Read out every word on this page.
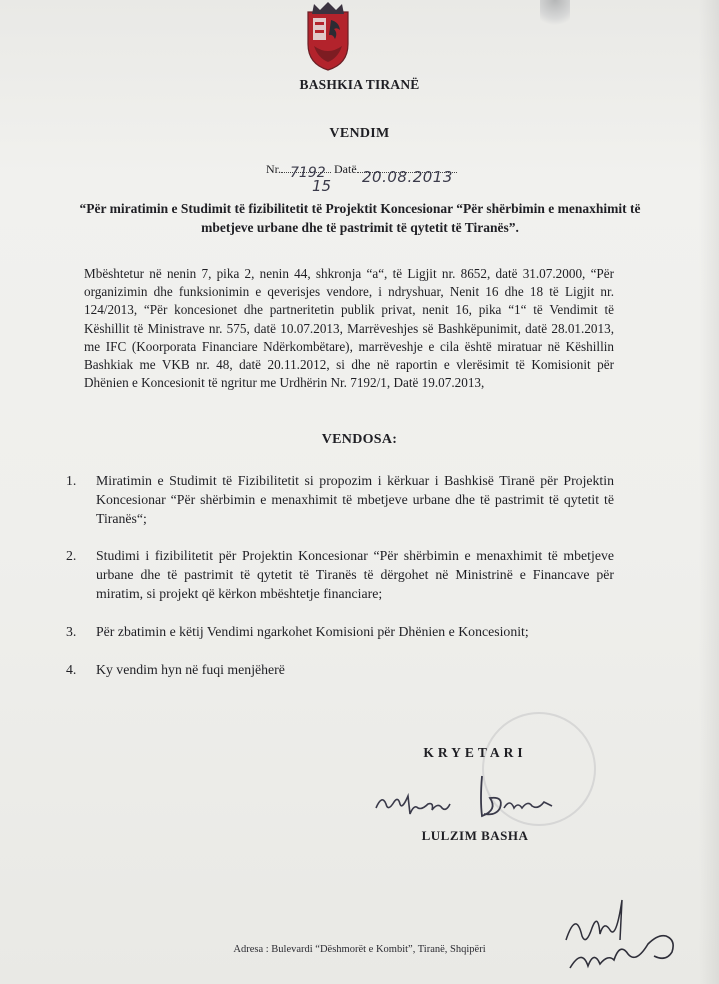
BASHKIA TIRANË
VENDIM
Nr.	Datë
7192
15 20.08.2013
“Për miratimin e Studimit të fizibilitetit të Projektit Koncesionar “Për shërbimin e menaxhimit të mbetjeve urbane dhe të pastrimit të qytetit të Tiranës”.
Mbështetur në nenin 7, pika 2, nenin 44, shkronja “a“, të Ligjit nr. 8652, datë 31.07.2000, “Për organizimin dhe funksionimin e qeverisjes vendore, i ndryshuar, Nenit 16 dhe 18 të Ligjit nr. 124/2013, “Për koncesionet dhe partneritetin publik privat, nenit 16, pika “1“ të Vendimit të Këshillit të Ministrave nr. 575, datë 10.07.2013, Marrëveshjes së Bashkëpunimit, datë 28.01.2013, me IFC (Koorporata Financiare Ndërkombëtare), marrëveshje e cila është miratuar në Këshillin Bashkiak me VKB nr. 48, datë 20.11.2012, si dhe në raportin e vlerësimit të Komisionit për Dhënien e Koncesionit të ngritur me Urdhërin Nr. 7192/1, Datë 19.07.2013,
VENDOSA:
1.	Miratimin e Studimit të Fizibilitetit si propozim i kërkuar i Bashkisë Tiranë për Projektin Koncesionar “Për shërbimin e menaxhimit të mbetjeve urbane dhe të pastrimit të qytetit të Tiranës“;
2.	Studimi i fizibilitetit për Projektin Koncesionar “Për shërbimin e menaxhimit të mbetjeve urbane dhe të pastrimit të qytetit të Tiranës të dërgohet në Ministrinë e Financave për miratim, si projekt që kërkon mbështetje financiare;
3.	Për zbatimin e këtij Vendimi ngarkohet Komisioni për Dhënien e Koncesionit;
4.	Ky vendim hyn në fuqi menjëherë
KRYETARI
LULZIM BASHA
Adresa : Bulevardi “Dëshmorët e Kombit”, Tiranë, Shqipëri
